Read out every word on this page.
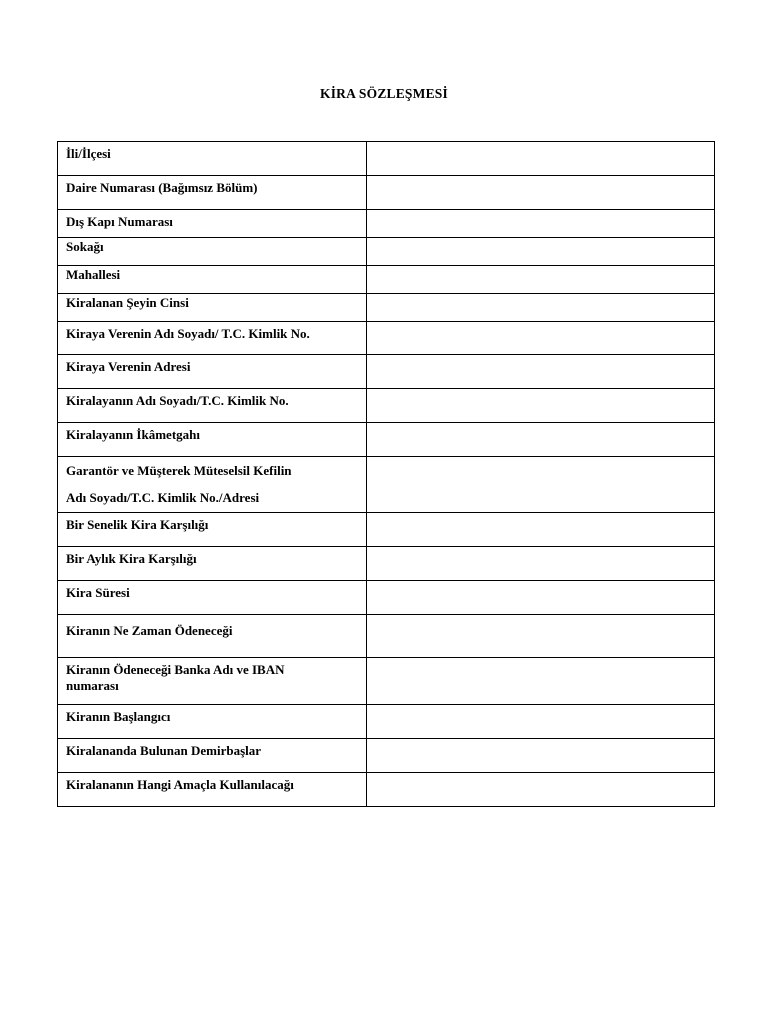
KİRA SÖZLEŞMESİ
İli/İlçesi	

Daire Numarası (Bağımsız Bölüm)	

Dış Kapı Numarası	

Sokağı	

Mahallesi	

Kiralanan Şeyin Cinsi	

Kiraya Verenin Adı Soyadı/ T.C. Kimlik No.	

Kiraya Verenin Adresi	

Kiralayanın Adı Soyadı/T.C. Kimlik No.	

Kiralayanın İkâmetgahı	

Garantör ve Müşterek Müteselsil Kefilin
Adı Soyadı/T.C. Kimlik No./Adresi	

Bir Senelik Kira Karşılığı	

Bir Aylık Kira Karşılığı	

Kira Süresi	

Kiranın Ne Zaman Ödeneceği	

Kiranın Ödeneceği Banka Adı ve IBAN
numarası	

Kiranın Başlangıcı	

Kiralananda Bulunan Demirbaşlar	

Kiralananın Hangi Amaçla Kullanılacağı	
